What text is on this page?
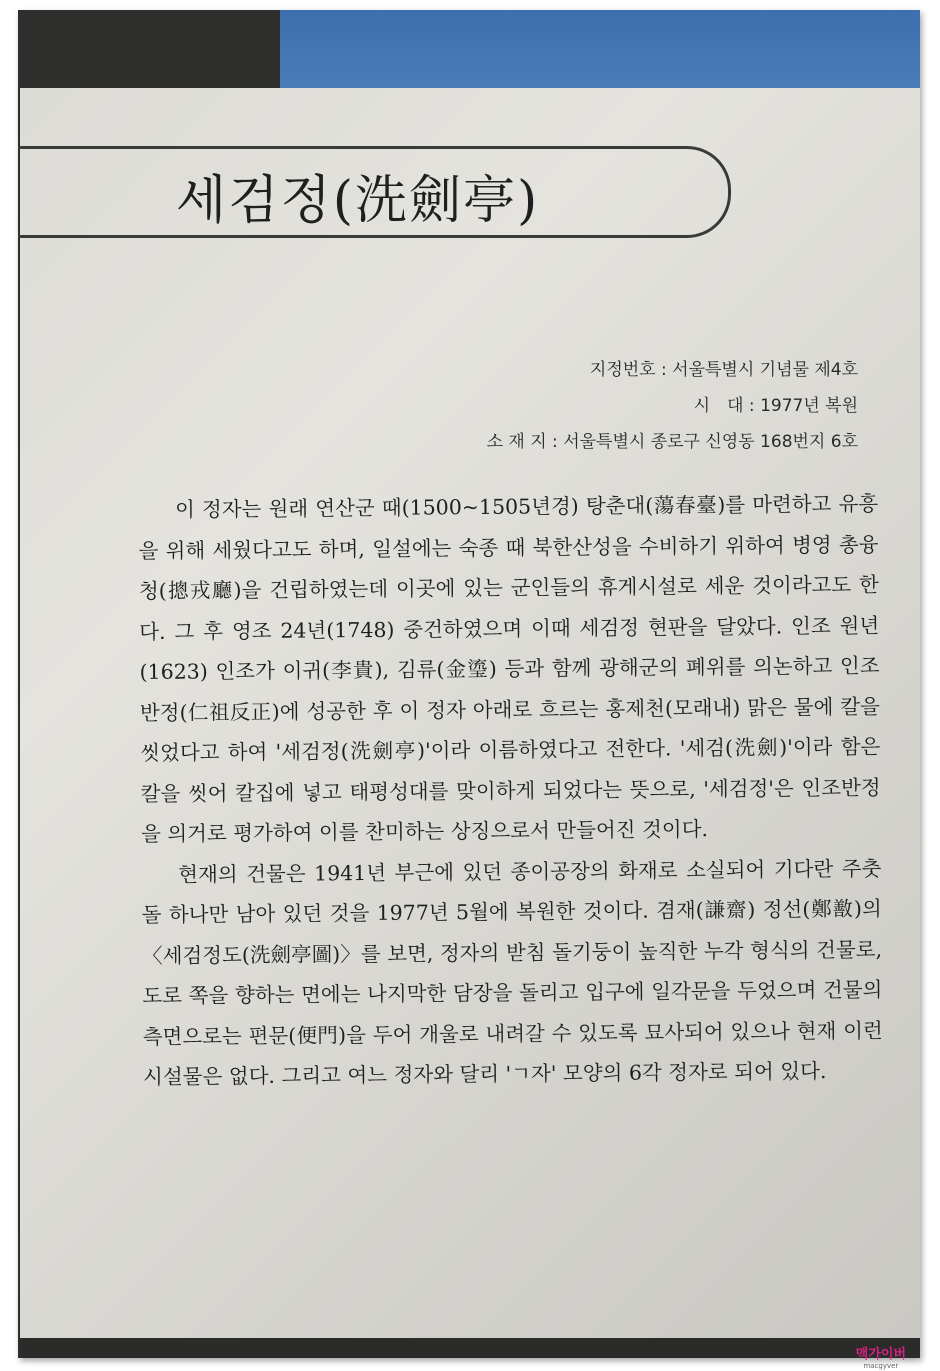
세검정(洗劍亭)
지정번호 : 서울특별시 기념물 제4호
시　대 : 1977년 복원
소 재 지 : 서울특별시 종로구 신영동 168번지 6호

이 정자는 원래 연산군 때(1500~1505년경) 탕춘대(蕩春臺)를 마련하고 유흥을 위해 세웠다고도 하며, 일설에는 숙종 때 북한산성을 수비하기 위하여 병영 총융청(摠戎廳)을 건립하였는데 이곳에 있는 군인들의 휴게시설로 세운 것이라고도 한다. 그 후 영조 24년(1748) 중건하였으며 이때 세검정 현판을 달았다. 인조 원년(1623) 인조가 이귀(李貴), 김류(金瑬) 등과 함께 광해군의 폐위를 의논하고 인조반정(仁祖反正)에 성공한 후 이 정자 아래로 흐르는 홍제천(모래내) 맑은 물에 칼을 씻었다고 하여 '세검정(洗劍亭)'이라 이름하였다고 전한다. '세검(洗劍)'이라 함은 칼을 씻어 칼집에 넣고 태평성대를 맞이하게 되었다는 뜻으로, '세검정'은 인조반정을 의거로 평가하여 이를 찬미하는 상징으로서 만들어진 것이다.

현재의 건물은 1941년 부근에 있던 종이공장의 화재로 소실되어 기다란 주춧돌 하나만 남아 있던 것을 1977년 5월에 복원한 것이다. 겸재(謙齋) 정선(鄭敾)의 〈세검정도(洗劍亭圖)〉를 보면, 정자의 받침 돌기둥이 높직한 누각 형식의 건물로, 도로 쪽을 향하는 면에는 나지막한 담장을 돌리고 입구에 일각문을 두었으며 건물의 측면으로는 편문(便門)을 두어 개울로 내려갈 수 있도록 묘사되어 있으나 현재 이런 시설물은 없다. 그리고 여느 정자와 달리 'ㄱ자' 모양의 6각 정자로 되어 있다.

맥가이버
macgyver
